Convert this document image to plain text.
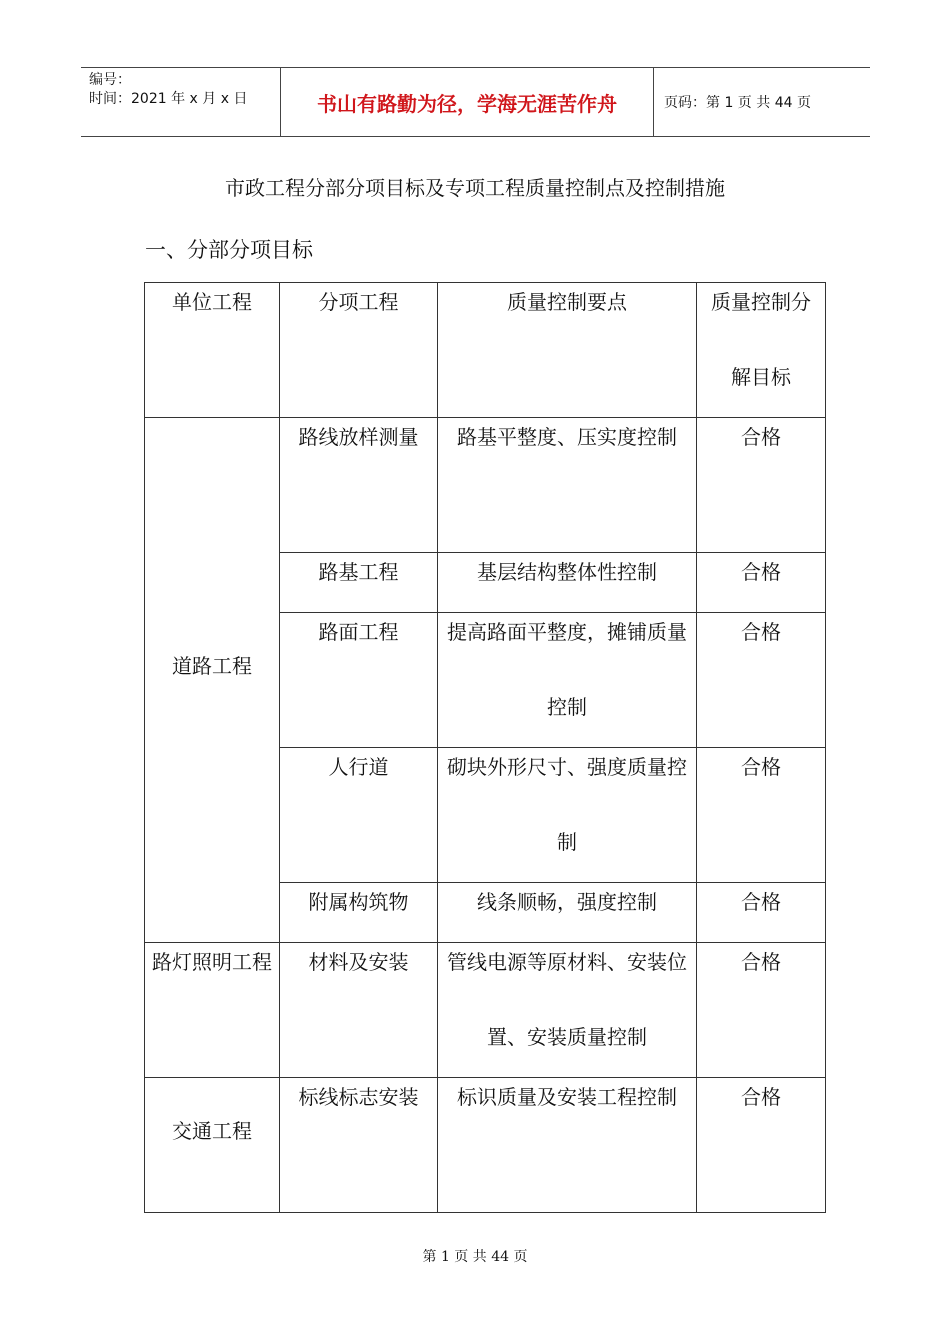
编号：
时间：2021 年 x 月 x 日	书山有路勤为径，学海无涯苦作舟	页码：第 1 页 共 44 页
市政工程分部分项目标及专项工程质量控制点及控制措施
一、分部分项目标
单位工程	分项工程	质量控制要点	质量控制分解目标

道路工程	路线放样测量	路基平整度、压实度控制	合格

	路基工程	基层结构整体性控制	合格

	路面工程	提高路面平整度，摊铺质量控制	合格

	人行道	砌块外形尺寸、强度质量控制	合格

	附属构筑物	线条顺畅，强度控制	合格

路灯照明工程	材料及安装	管线电源等原材料、安装位置、安装质量控制	合格

交通工程	标线标志安装	标识质量及安装工程控制	合格
第 1 页 共 44 页
